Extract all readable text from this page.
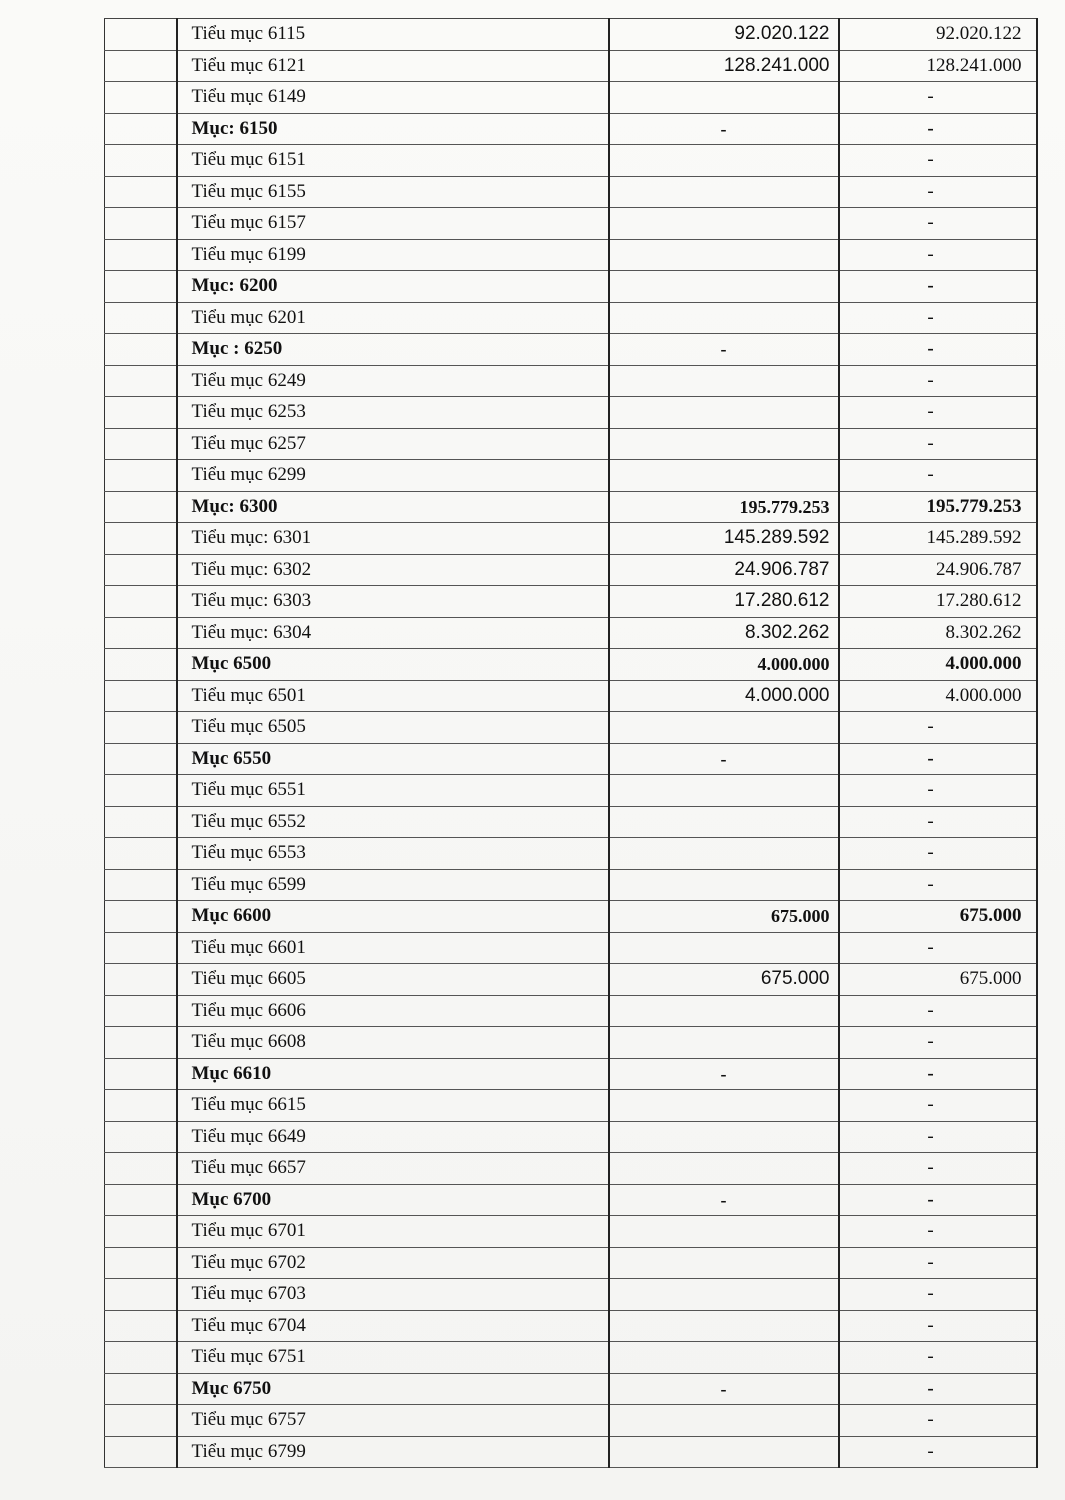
	Tiểu mục 6115	92.020.122	92.020.122
	Tiểu mục 6121	128.241.000	128.241.000
	Tiểu mục 6149		-
	Mục: 6150	-	-
	Tiểu mục 6151		-
	Tiểu mục 6155		-
	Tiểu mục 6157		-
	Tiểu mục 6199		-
	Mục: 6200		-
	Tiểu mục 6201		-
	Mục : 6250	-	-
	Tiểu mục 6249		-
	Tiểu mục 6253		-
	Tiểu mục 6257		-
	Tiểu mục 6299		-
	Mục: 6300	195.779.253	195.779.253
	Tiểu mục: 6301	145.289.592	145.289.592
	Tiểu mục: 6302	24.906.787	24.906.787
	Tiểu mục: 6303	17.280.612	17.280.612
	Tiểu mục: 6304	8.302.262	8.302.262
	Mục 6500	4.000.000	4.000.000
	Tiểu mục 6501	4.000.000	4.000.000
	Tiểu mục 6505		-
	Mục 6550	-	-
	Tiểu mục 6551		-
	Tiểu mục 6552		-
	Tiểu mục 6553		-
	Tiểu mục 6599		-
	Mục 6600	675.000	675.000
	Tiểu mục 6601		-
	Tiểu mục 6605	675.000	675.000
	Tiểu mục 6606		-
	Tiểu mục 6608		-
	Mục 6610	-	-
	Tiểu mục 6615		-
	Tiểu mục 6649		-
	Tiểu mục 6657		-
	Mục 6700	-	-
	Tiểu mục 6701		-
	Tiểu mục 6702		-
	Tiểu mục 6703		-
	Tiểu mục 6704		-
	Tiểu mục 6751		-
	Mục 6750	-	-
	Tiểu mục 6757		-
	Tiểu mục 6799		-
